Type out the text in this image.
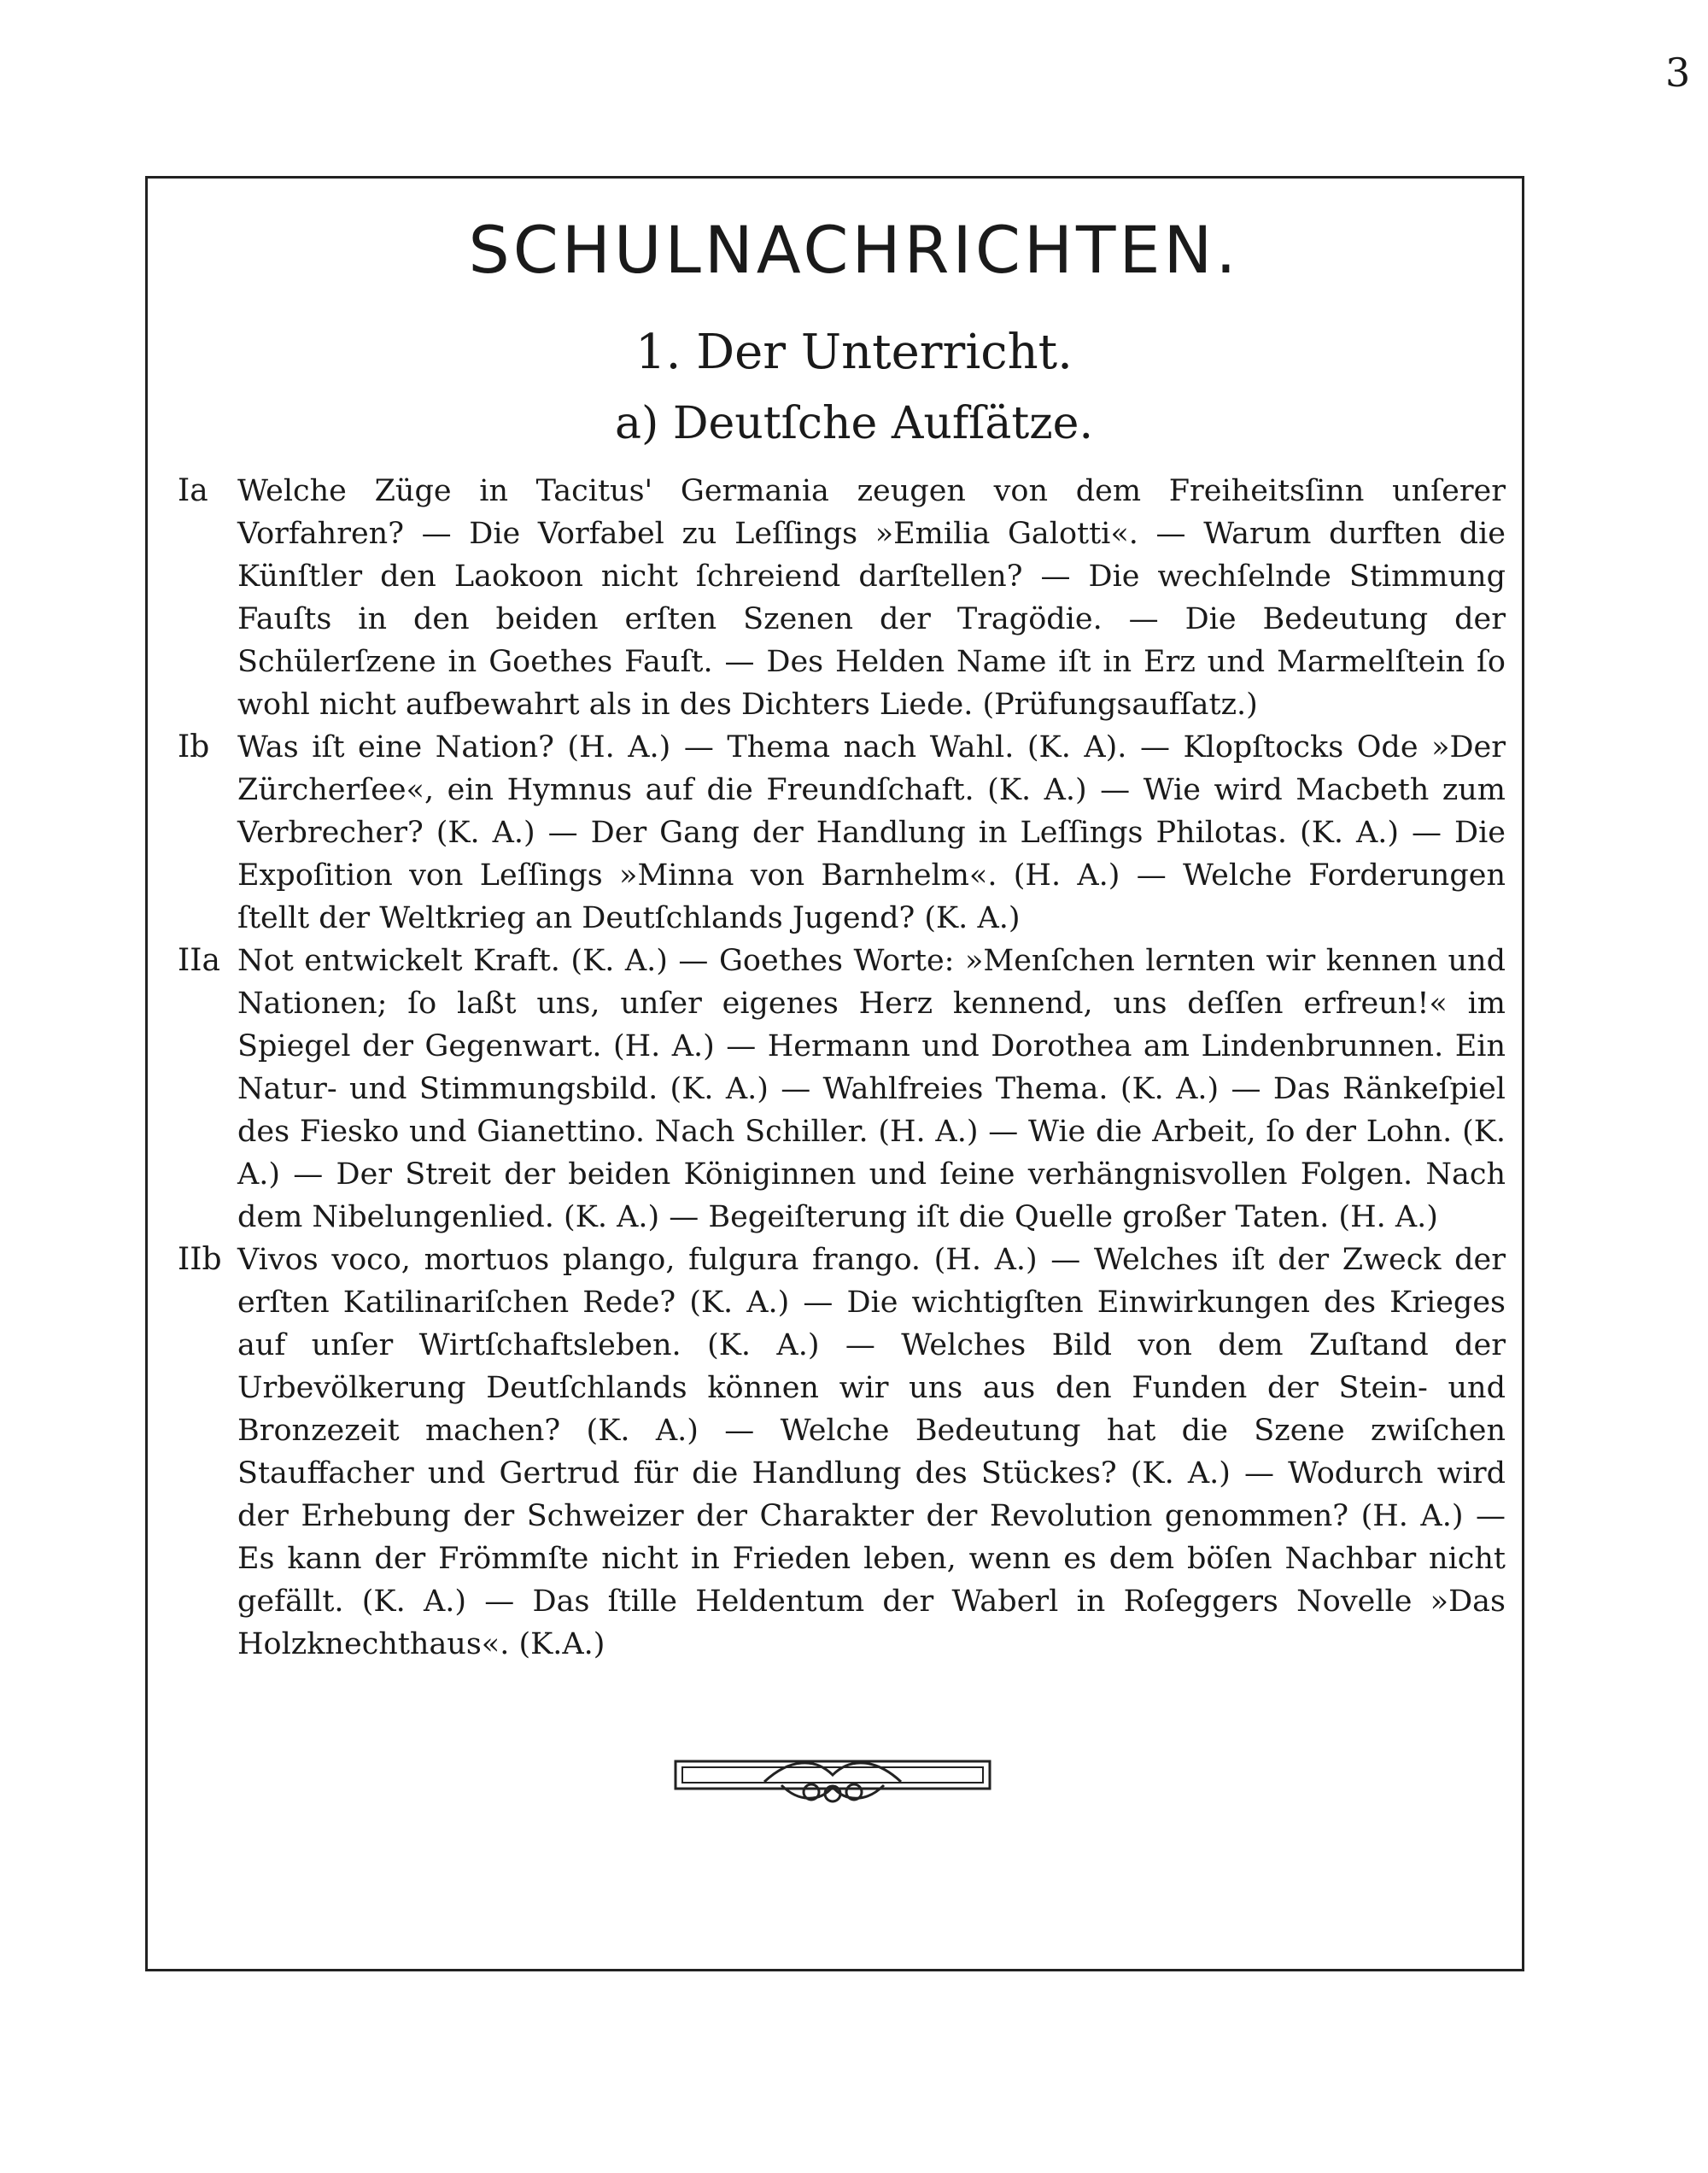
3
SCHULNACHRICHTEN.
1. Der Unterricht.
a) Deutſche Aufſätze.
Ia Welche Züge in Tacitus' Germania zeugen von dem Freiheitsſinn unſerer Vorfahren? — Die Vorfabel zu Leſſings »Emilia Galotti«. — Warum durften die Künſtler den Laokoon nicht ſchreiend darſtellen? — Die wechſelnde Stimmung Fauſts in den beiden erſten Szenen der Tragödie. — Die Bedeutung der Schülerſzene in Goethes Fauſt. — Des Helden Name iſt in Erz und Marmelſtein ſo wohl nicht aufbewahrt als in des Dichters Liede. (Prüfungsaufſatz.)
Ib Was iſt eine Nation? (H. A.) — Thema nach Wahl. (K. A). — Klopſtocks Ode »Der Zürcherſee«, ein Hymnus auf die Freundſchaft. (K. A.) — Wie wird Macbeth zum Verbrecher? (K. A.) — Der Gang der Handlung in Leſſings Philotas. (K. A.) — Die Expoſition von Leſſings »Minna von Barnhelm«. (H. A.) — Welche Forderungen ſtellt der Weltkrieg an Deutſchlands Jugend? (K. A.)
IIa Not entwickelt Kraft. (K. A.) — Goethes Worte: »Menſchen lernten wir kennen und Nationen; ſo laßt uns, unſer eigenes Herz kennend, uns deſſen erfreun!« im Spiegel der Gegenwart. (H. A.) — Hermann und Dorothea am Lindenbrunnen. Ein Natur- und Stimmungsbild. (K. A.) — Wahlfreies Thema. (K. A.) — Das Ränkeſpiel des Fiesko und Gianettino. Nach Schiller. (H. A.) — Wie die Arbeit, ſo der Lohn. (K. A.) — Der Streit der beiden Königinnen und ſeine verhängnisvollen Folgen. Nach dem Nibelungenlied. (K. A.) — Begeiſterung iſt die Quelle großer Taten. (H. A.)
IIb Vivos voco, mortuos plango, fulgura frango. (H. A.) — Welches iſt der Zweck der erſten Katilinariſchen Rede? (K. A.) — Die wichtigſten Einwirkungen des Krieges auf unſer Wirtſchaftsleben. (K. A.) — Welches Bild von dem Zuſtand der Urbevölkerung Deutſchlands können wir uns aus den Funden der Stein- und Bronzezeit machen? (K. A.) — Welche Bedeutung hat die Szene zwiſchen Stauffacher und Gertrud für die Handlung des Stückes? (K. A.) — Wodurch wird der Erhebung der Schweizer der Charakter der Revolution genommen? (H. A.) — Es kann der Frömmſte nicht in Frieden leben, wenn es dem böſen Nachbar nicht gefällt. (K. A.) — Das ſtille Heldentum der Waberl in Roſeggers Novelle »Das Holzknechthaus«. (K.A.)
